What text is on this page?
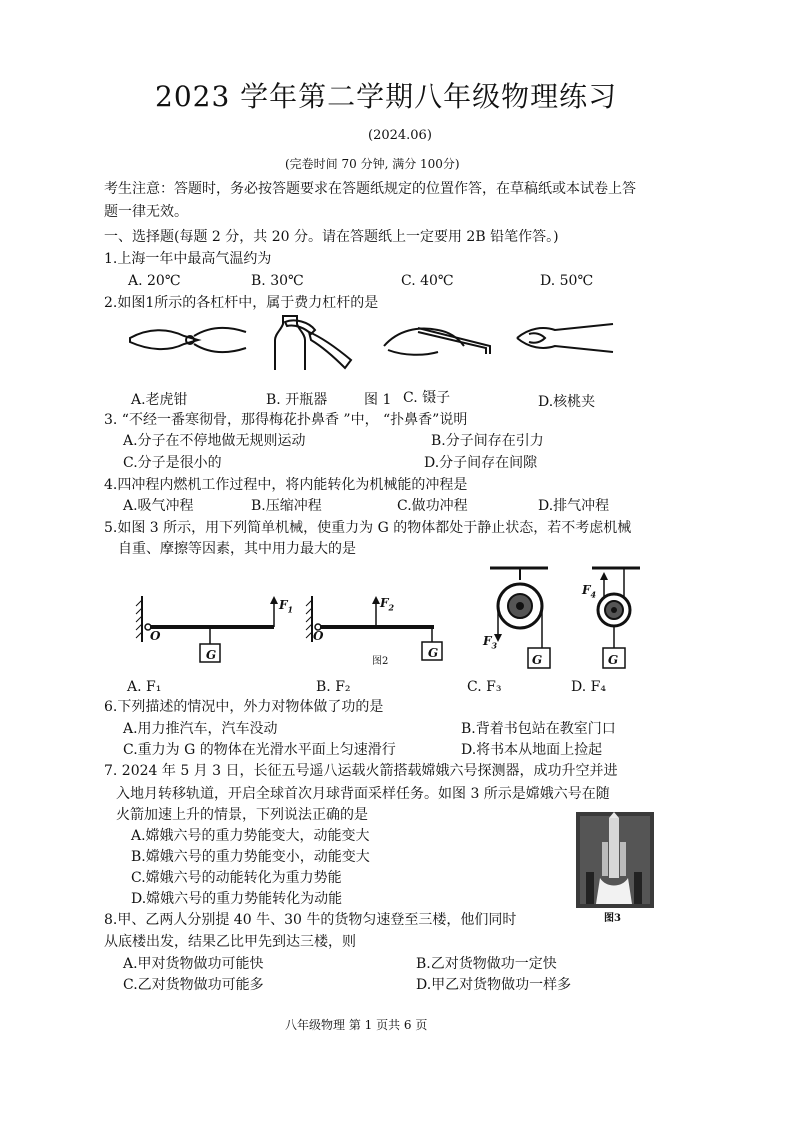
2023 学年第二学期八年级物理练习
(2024.06)
(完卷时间 70 分钟, 满分 100分)
考生注意：答题时，务必按答题要求在答题纸规定的位置作答，在草稿纸或本试卷上答
题一律无效。
一、选择题(每题 2 分，共 20 分。请在答题纸上一定要用 2B 铅笔作答。)
1.上海一年中最高气温约为
A. 20℃	B. 30℃	C. 40℃	D. 50℃
2.如图1所示的各杠杆中，属于费力杠杆的是
A.老虎钳	B. 开瓶器	图 1 C. 镊子	D.核桃夹
3. “不经一番寒彻骨，那得梅花扑鼻香 ”中， “扑鼻香”说明
A.分子在不停地做无规则运动	B.分子间存在引力
C.分子是很小的	D.分子间存在间隙
4.四冲程内燃机工作过程中，将内能转化为机械能的冲程是
A.吸气冲程	B.压缩冲程	C.做功冲程	D.排气冲程
5.如图 3 所示，用下列简单机械，使重力为 G 的物体都处于静止状态，若不考虑机械
自重、摩擦等因素，其中用力最大的是
O
G
$F_1$
O
G
$F_2$
图2
$F_3$
G
$F_4$
G
A. F₁	B. F₂	C. F₃	D. F₄
6.下列描述的情况中，外力对物体做了功的是
A.用力推汽车，汽车没动	B.背着书包站在教室门口
C.重力为 G 的物体在光滑水平面上匀速滑行	D.将书本从地面上捡起
7. 2024 年 5 月 3 日，长征五号遥八运载火箭搭载嫦娥六号探测器，成功升空并进
入地月转移轨道，开启全球首次月球背面采样任务。如图 3 所示是嫦娥六号在随
火箭加速上升的情景，下列说法正确的是
A.嫦娥六号的重力势能变大，动能变大
B.嫦娥六号的重力势能变小，动能变大
C.嫦娥六号的动能转化为重力势能
D.嫦娥六号的重力势能转化为动能
图3
8.甲、乙两人分别提 40 牛、30 牛的货物匀速登至三楼，他们同时
从底楼出发，结果乙比甲先到达三楼，则
A.甲对货物做功可能快	B.乙对货物做功一定快
C.乙对货物做功可能多	D.甲乙对货物做功一样多
八年级物理 第 1 页共 6 页
